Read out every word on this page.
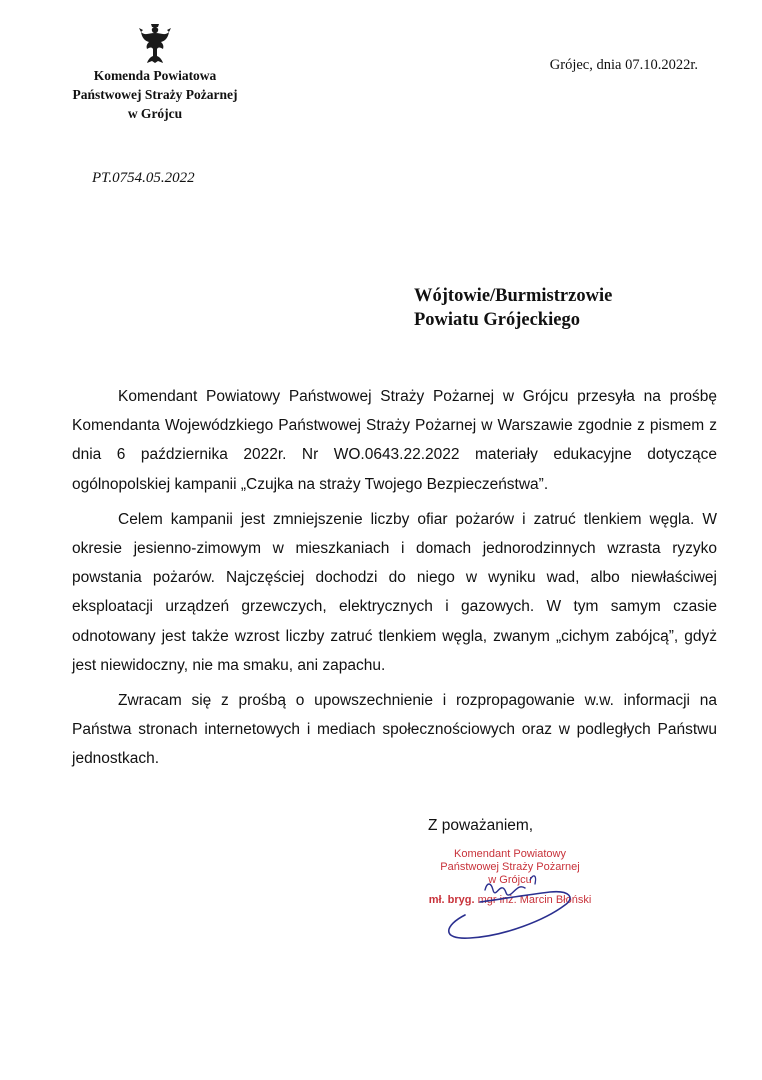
Komenda Powiatowa
Państwowej Straży Pożarnej
w Grójcu
Grójec, dnia 07.10.2022r.
PT.0754.05.2022
Wójtowie/Burmistrzowie
Powiatu Grójeckiego

Komendant Powiatowy Państwowej Straży Pożarnej w Grójcu przesyła na prośbę Komendanta Wojewódzkiego Państwowej Straży Pożarnej w Warszawie zgodnie z pismem z dnia 6 października 2022r. Nr WO.0643.22.2022 materiały edukacyjne dotyczące ogólnopolskiej kampanii „Czujka na straży Twojego Bezpieczeństwa”.

Celem kampanii jest zmniejszenie liczby ofiar pożarów i zatruć tlenkiem węgla. W okresie jesienno-zimowym w mieszkaniach i domach jednorodzinnych wzrasta ryzyko powstania pożarów. Najczęściej dochodzi do niego w wyniku wad, albo niewłaściwej eksploatacji urządzeń grzewczych, elektrycznych i gazowych. W tym samym czasie odnotowany jest także wzrost liczby zatruć tlenkiem węgla, zwanym „cichym zabójcą”, gdyż jest niewidoczny, nie ma smaku, ani zapachu.

Zwracam się z prośbą o upowszechnienie i rozpropagowanie w.w. informacji na Państwa stronach internetowych i mediach społecznościowych oraz w podległych Państwu jednostkach.

Z poważaniem,
Komendant Powiatowy
Państwowej Straży Pożarnej
w Grójcu
mł. bryg. mgr inż. Marcin Błoński
